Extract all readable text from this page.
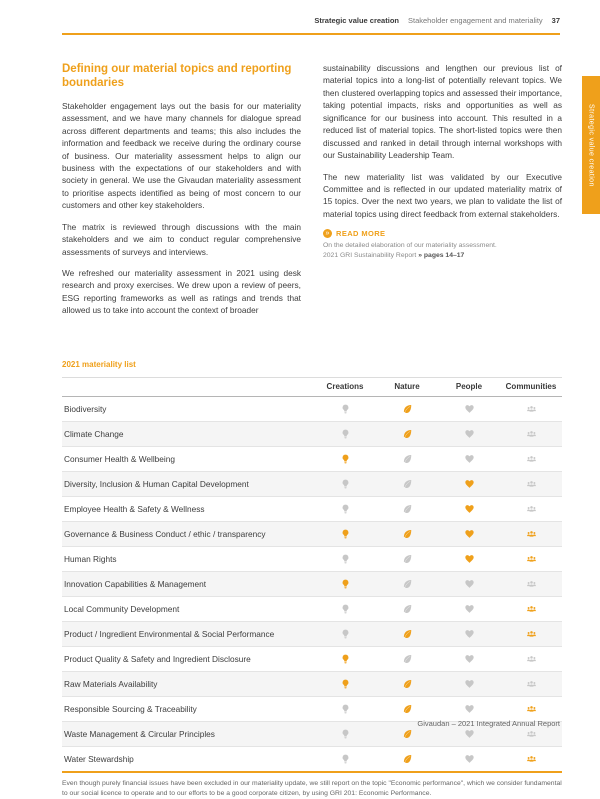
Strategic value creation Stakeholder engagement and materiality 37
Strategic value creation
Defining our material topics and reporting boundaries

Stakeholder engagement lays out the basis for our materiality assessment, and we have many channels for dialogue spread across different departments and teams; this also includes the information and feedback we receive during the ordinary course of business. Our materiality assessment helps to align our business with the expectations of our stakeholders and with society in general. We use the Givaudan materiality assessment to prioritise aspects identified as being of most concern to our customers and other key stakeholders.

The matrix is reviewed through discussions with the main stakeholders and we aim to conduct regular comprehensive assessments of surveys and interviews.

We refreshed our materiality assessment in 2021 using desk research and proxy exercises. We drew upon a review of peers, ESG reporting frameworks as well as ratings and trends that allowed us to take into account the context of broader

sustainability discussions and lengthen our previous list of material topics into a long-list of potentially relevant topics. We then clustered overlapping topics and assessed their importance, taking potential impacts, risks and opportunities as well as significance for our business into account. This resulted in a reduced list of material topics. The short-listed topics were then discussed and ranked in detail through internal workshops with our Sustainability Leadership Team.

The new materiality list was validated by our Executive Committee and is reflected in our updated materiality matrix of 15 topics. Over the next two years, we plan to validate the list of material topics using direct feedback from external stakeholders.

» READ MORE
On the detailed elaboration of our materiality assessment.
2021 GRI Sustainability Report » pages 14–17
2021 materiality list
	Creations	Nature	People	Communities
Biodiversity				
Climate Change				
Consumer Health & Wellbeing				
Diversity, Inclusion & Human Capital Development				
Employee Health & Safety & Wellness				
Governance & Business Conduct / ethic / transparency				
Human Rights				
Innovation Capabilities & Management				
Local Community Development				
Product / Ingredient Environmental & Social Performance				
Product Quality & Safety and Ingredient Disclosure				
Raw Materials Availability				
Responsible Sourcing & Traceability				
Waste Management & Circular Principles				
Water Stewardship				
Even though purely financial issues have been excluded in our materiality update, we still report on the topic "Economic performance", which we consider fundamental to our social licence to operate and to our efforts to be a good corporate citizen, by using GRI 201: Economic Performance.
Givaudan – 2021 Integrated Annual Report
